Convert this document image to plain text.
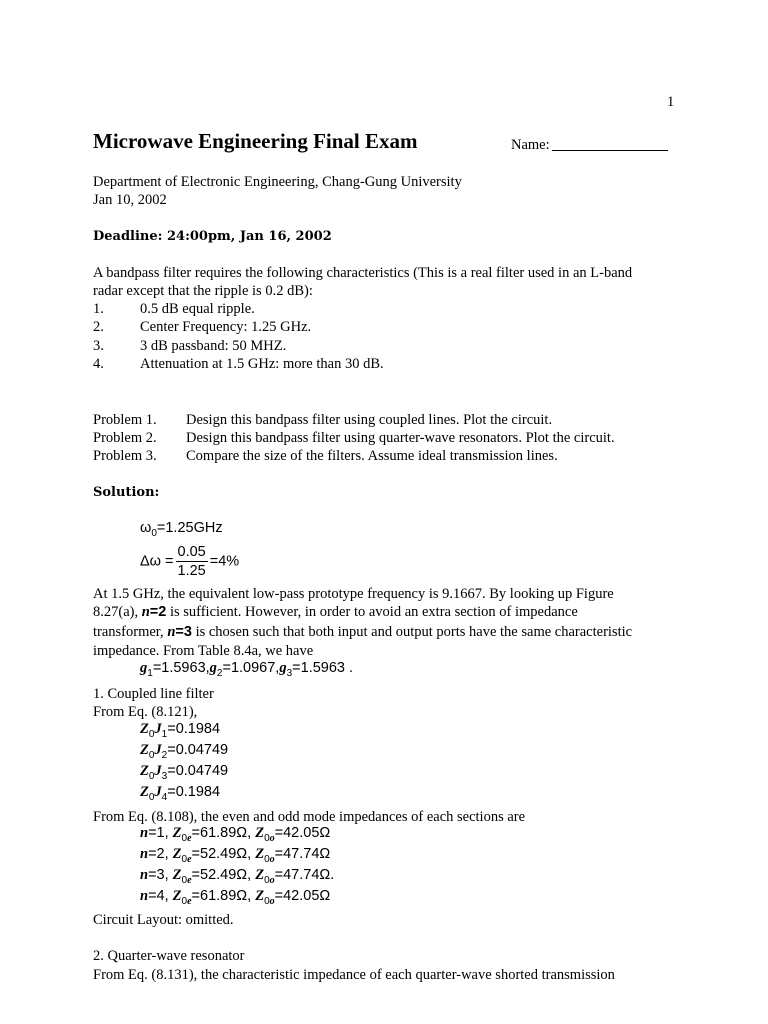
1
Microwave Engineering Final Exam	Name:
Department of Electronic Engineering, Chang-Gung University
Jan 10, 2002
Deadline: 24:00pm, Jan 16, 2002
A bandpass filter requires the following characteristics (This is a real filter used in an L-band
radar except that the ripple is 0.2 dB):
1. 0.5 dB equal ripple.
2. Center Frequency: 1.25 GHz.
3. 3 dB passband: 50 MHZ.
4. Attenuation at 1.5 GHz: more than 30 dB.
Problem 1. Design this bandpass filter using coupled lines. Plot the circuit.
Problem 2. Design this bandpass filter using quarter-wave resonators. Plot the circuit.
Problem 3. Compare the size of the filters. Assume ideal transmission lines.
Solution:
$\omega_0=1.25GHz$
$\Delta\omega = \frac{0.05}{1.25} =4\%$
At 1.5 GHz, the equivalent low-pass prototype frequency is 9.1667. By looking up Figure
8.27(a), n=2 is sufficient. However, in order to avoid an extra section of impedance
transformer, n=3 is chosen such that both input and output ports have the same characteristic
impedance. From Table 8.4a, we have
$g_1=1.5963,g_2=1.0967,g_3=1.5963$ .
1. Coupled line filter
From Eq. (8.121),
$Z_0J_1=0.1984$
$Z_0J_2=0.04749$
$Z_0J_3=0.04749$
$Z_0J_4=0.1984$
From Eq. (8.108), the even and odd mode impedances of each sections are
n=1, $Z_{0e}=61.89\Omega$, $Z_{0o}=42.05\Omega$
n=2, $Z_{0e}=52.49\Omega$, $Z_{0o}=47.74\Omega$
n=3, $Z_{0e}=52.49\Omega$, $Z_{0o}=47.74\Omega$.
n=4, $Z_{0e}=61.89\Omega$, $Z_{0o}=42.05\Omega$
Circuit Layout: omitted.
2. Quarter-wave resonator
From Eq. (8.131), the characteristic impedance of each quarter-wave shorted transmission
